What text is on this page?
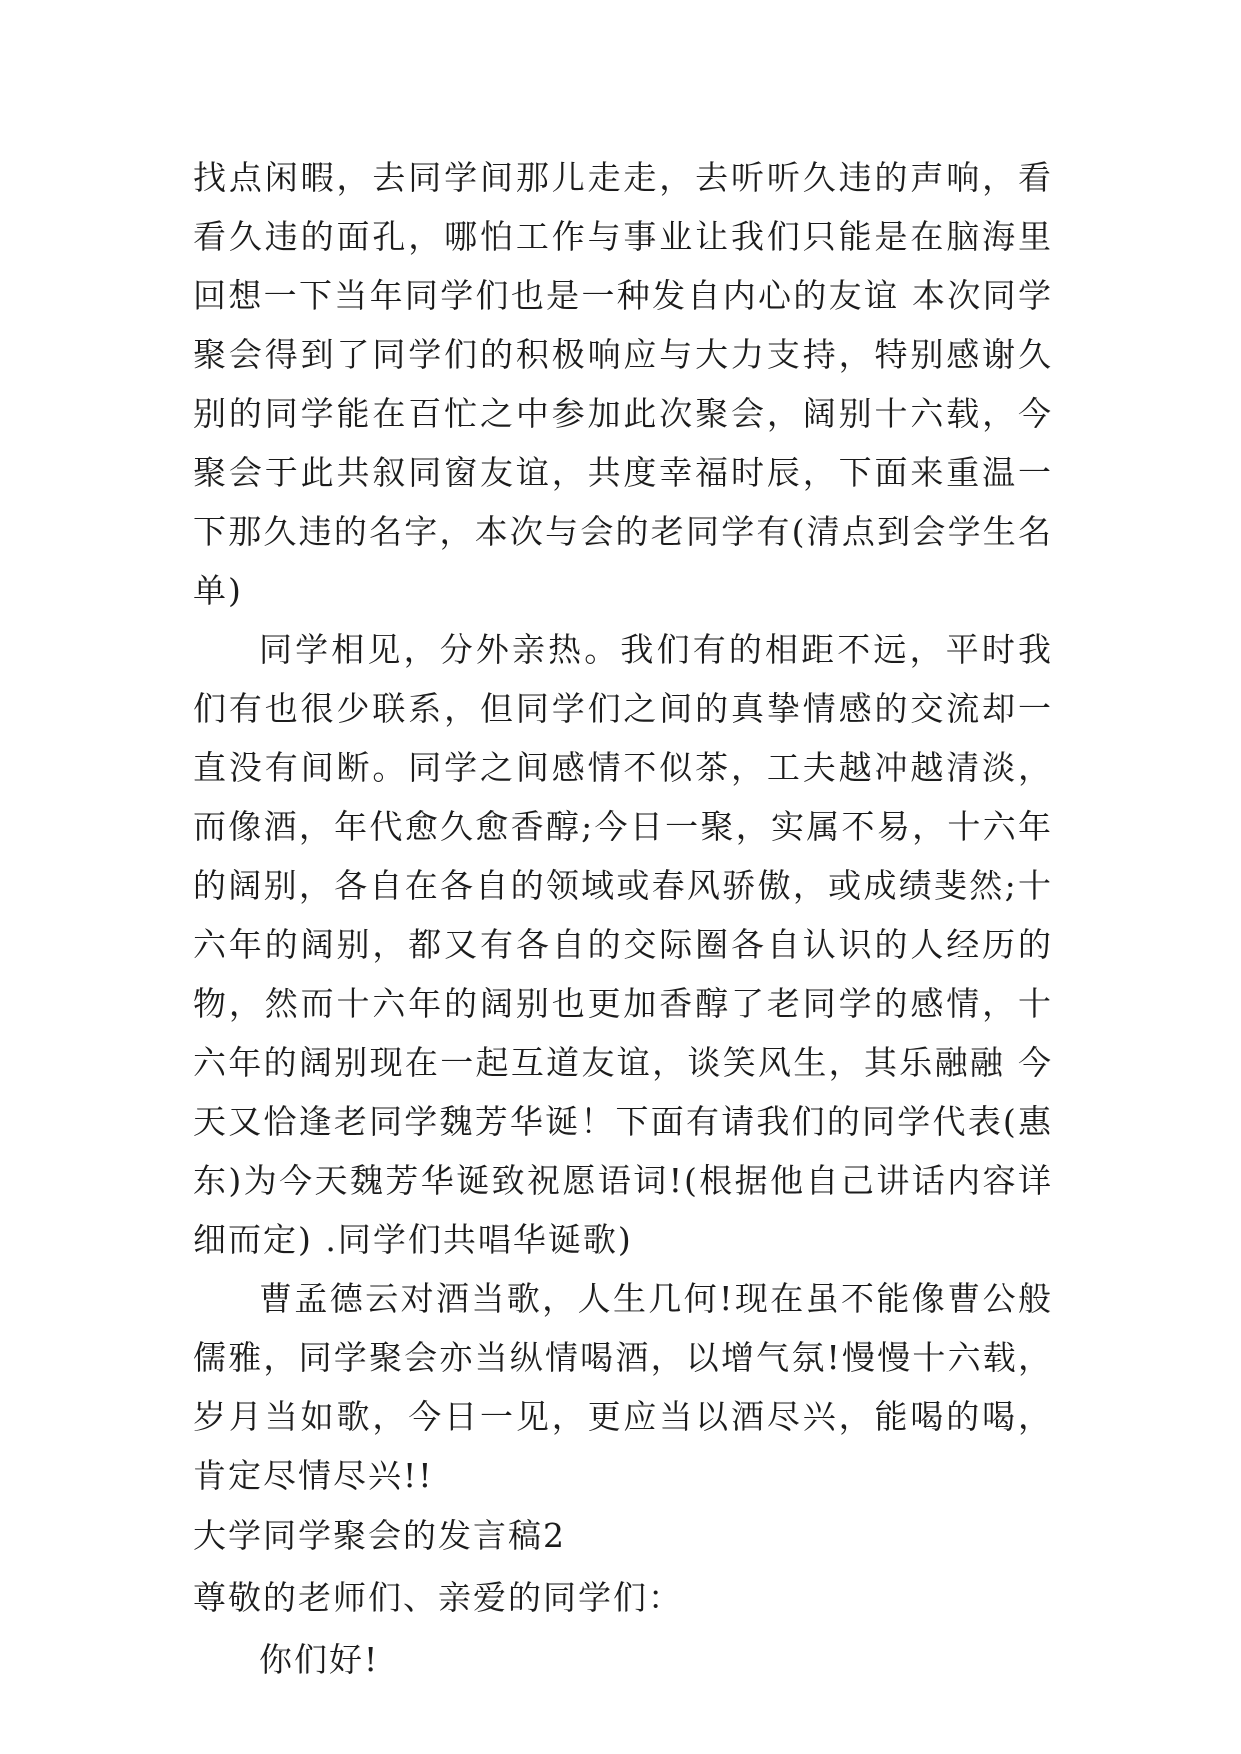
找点闲暇，去同学间那儿走走，去听听久违的声响，看看久违的面孔，哪怕工作与事业让我们只能是在脑海里回想一下当年同学们也是一种发自内心的友谊 本次同学聚会得到了同学们的积极响应与大力支持，特别感谢久别的同学能在百忙之中参加此次聚会，阔别十六载，今聚会于此共叙同窗友谊，共度幸福时辰，下面来重温一下那久违的名字，本次与会的老同学有(清点到会学生名单)

同学相见，分外亲热。我们有的相距不远，平时我们有也很少联系，但同学们之间的真挚情感的交流却一直没有间断。同学之间感情不似茶，工夫越冲越清淡，而像酒，年代愈久愈香醇;今日一聚，实属不易，十六年的阔别，各自在各自的领域或春风骄傲，或成绩斐然;十六年的阔别，都又有各自的交际圈各自认识的人经历的物，然而十六年的阔别也更加香醇了老同学的感情，十六年的阔别现在一起互道友谊，谈笑风生，其乐融融 今天又恰逢老同学魏芳华诞！下面有请我们的同学代表(惠东)为今天魏芳华诞致祝愿语词!(根据他自己讲话内容详细而定) .同学们共唱华诞歌)

曹孟德云对酒当歌，人生几何!现在虽不能像曹公般儒雅，同学聚会亦当纵情喝酒，以增气氛!慢慢十六载，岁月当如歌，今日一见，更应当以酒尽兴，能喝的喝，肯定尽情尽兴!!

大学同学聚会的发言稿2

尊敬的老师们、亲爱的同学们：

你们好!
